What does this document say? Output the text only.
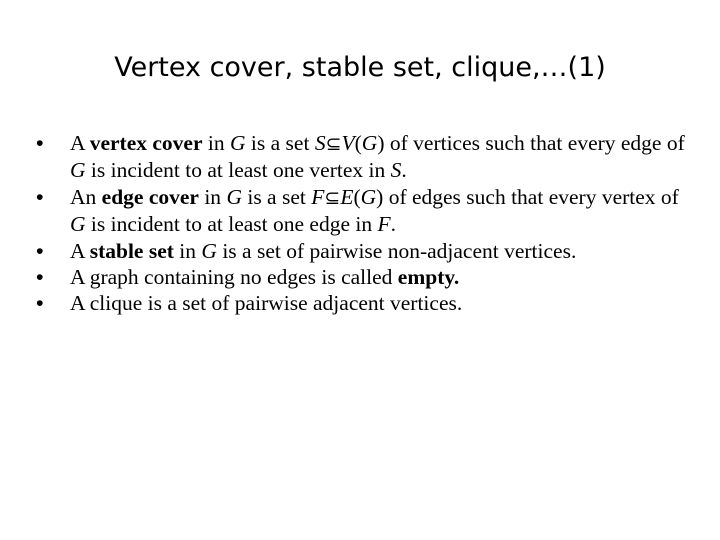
Vertex cover, stable set, clique,…(1)
•	A vertex cover in G is a set S⊆V(G) of vertices such that every edge of G is incident to at least one vertex in S.
•	An edge cover in G is a set F⊆E(G) of edges such that every vertex of G is incident to at least one edge in F.
•	A stable set in G is a set of pairwise non-adjacent vertices.
•	A graph containing no edges is called empty.
•	A clique is a set of pairwise adjacent vertices.
